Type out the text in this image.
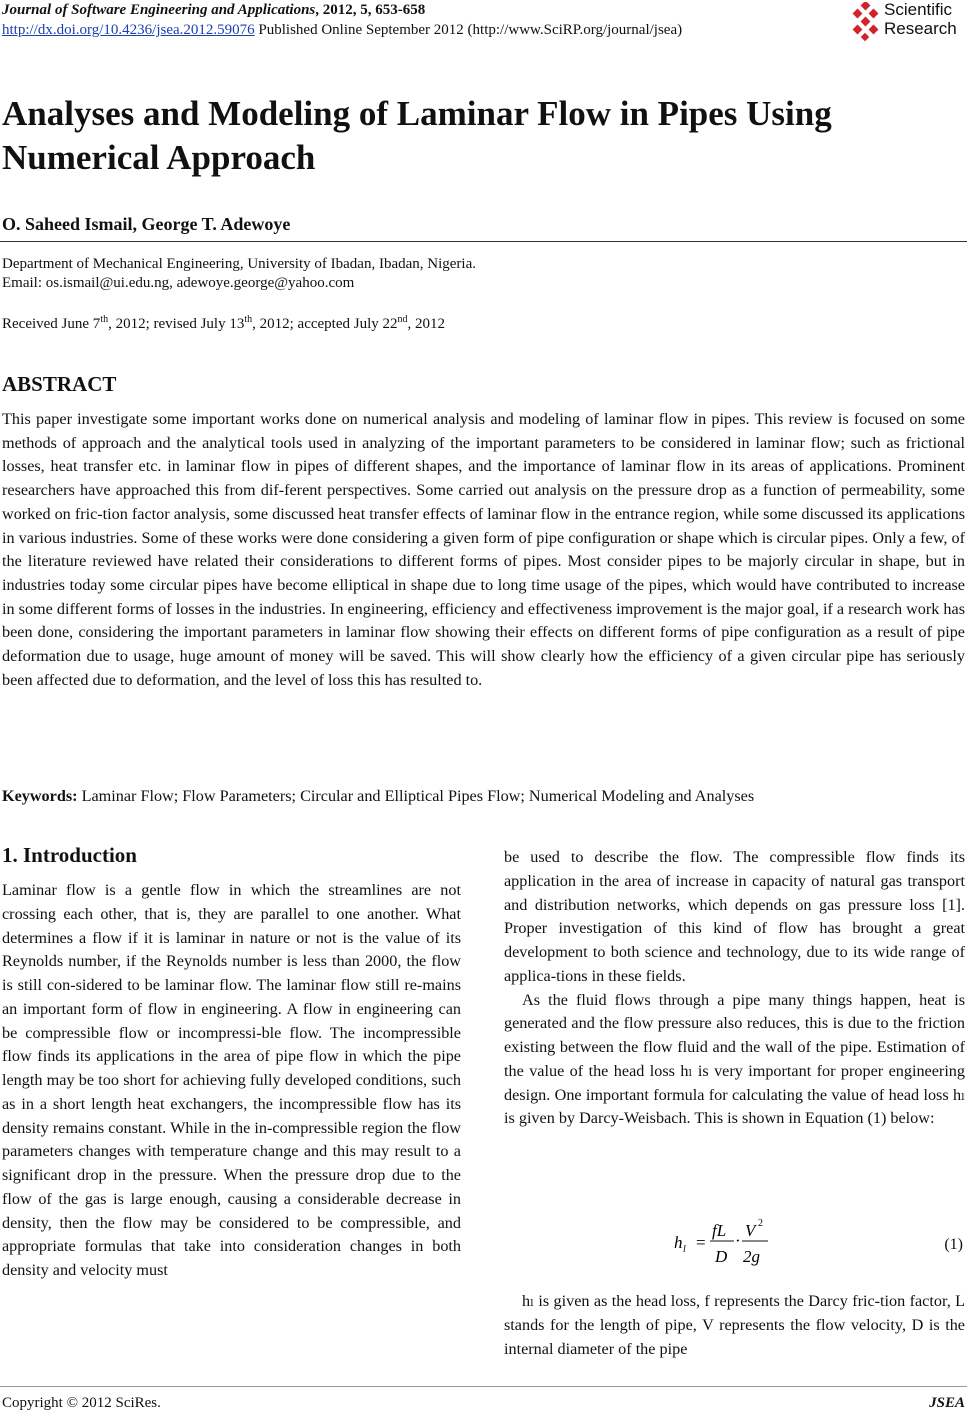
Journal of Software Engineering and Applications, 2012, 5, 653-658
http://dx.doi.org/10.4236/jsea.2012.59076 Published Online September 2012 (http://www.SciRP.org/journal/jsea)
Scientific
Research
Analyses and Modeling of Laminar Flow in Pipes Using Numerical Approach
O. Saheed Ismail, George T. Adewoye
Department of Mechanical Engineering, University of Ibadan, Ibadan, Nigeria.
Email: os.ismail@ui.edu.ng, adewoye.george@yahoo.com
Received June 7th, 2012; revised July 13th, 2012; accepted July 22nd, 2012
ABSTRACT
This paper investigate some important works done on numerical analysis and modeling of laminar flow in pipes. This review is focused on some methods of approach and the analytical tools used in analyzing of the important parameters to be considered in laminar flow; such as frictional losses, heat transfer etc. in laminar flow in pipes of different shapes, and the importance of laminar flow in its areas of applications. Prominent researchers have approached this from dif-ferent perspectives. Some carried out analysis on the pressure drop as a function of permeability, some worked on fric-tion factor analysis, some discussed heat transfer effects of laminar flow in the entrance region, while some discussed its applications in various industries. Some of these works were done considering a given form of pipe configuration or shape which is circular pipes. Only a few, of the literature reviewed have related their considerations to different forms of pipes. Most consider pipes to be majorly circular in shape, but in industries today some circular pipes have become elliptical in shape due to long time usage of the pipes, which would have contributed to increase in some different forms of losses in the industries. In engineering, efficiency and effectiveness improvement is the major goal, if a research work has been done, considering the important parameters in laminar flow showing their effects on different forms of pipe configuration as a result of pipe deformation due to usage, huge amount of money will be saved. This will show clearly how the efficiency of a given circular pipe has seriously been affected due to deformation, and the level of loss this has resulted to.
Keywords: Laminar Flow; Flow Parameters; Circular and Elliptical Pipes Flow; Numerical Modeling and Analyses
1. Introduction

Laminar flow is a gentle flow in which the streamlines are not crossing each other, that is, they are parallel to one another. What determines a flow if it is laminar in nature or not is the value of its Reynolds number, if the Reynolds number is less than 2000, the flow is still con-sidered to be laminar flow. The laminar flow still re-mains an important form of flow in engineering. A flow in engineering can be compressible flow or incompressi-ble flow. The incompressible flow finds its applications in the area of pipe flow in which the pipe length may be too short for achieving fully developed conditions, such as in a short length heat exchangers, the incompressible flow has its density remains constant. While in the in-compressible region the flow parameters changes with temperature change and this may result to a significant drop in the pressure. When the pressure drop due to the flow of the gas is large enough, causing a considerable decrease in density, then the flow may be considered to be compressible, and appropriate formulas that take into consideration changes in both density and velocity must

be used to describe the flow. The compressible flow finds its application in the area of increase in capacity of natural gas transport and distribution networks, which depends on gas pressure loss [1]. Proper investigation of this kind of flow has brought a great development to both science and technology, due to its wide range of applica-tions in these fields.

As the fluid flows through a pipe many things happen, heat is generated and the flow pressure also reduces, this is due to the friction existing between the flow fluid and the wall of the pipe. Estimation of the value of the head loss hₗ is very important for proper engineering design. One important formula for calculating the value of head loss hₗ is given by Darcy-Weisbach. This is shown in Equation (1) below:

h l =
fL
D
·
V 2
2g
(1)

hₗ is given as the head loss, f represents the Darcy fric-tion factor, L stands for the length of pipe, V represents the flow velocity, D is the internal diameter of the pipe

Copyright © 2012 SciRes.	JSEA
